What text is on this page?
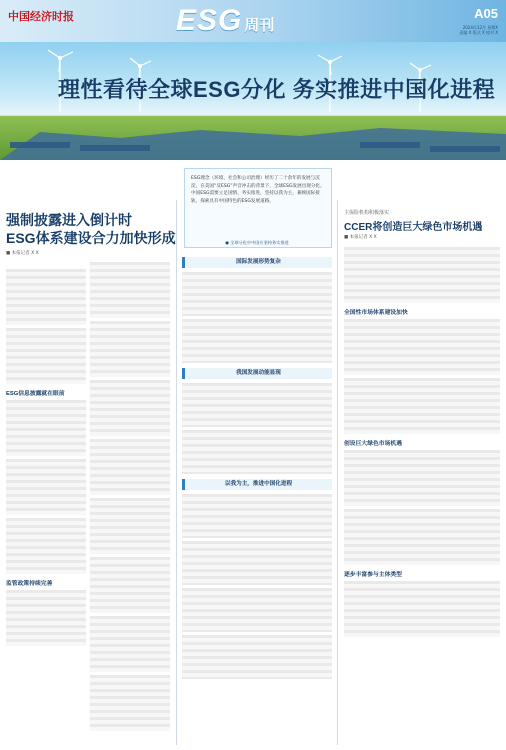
中国经济时报	ESG 周刊
A05
2024年12月 星期X
责编 X 版式 X 校对 X
理性看待全球ESG分化 务实推进中国化进程
ESG理念（环境、社会和公司治理）经历了二十余年的发展与沉淀，在美国“反ESG”声音冲击的背景下，全球ESG发展出现分化。中国ESG需要立足国情、务实推进，坚持以我为主，兼顾国际接轨，探索具有中国特色的ESG发展道路。
● 全球分化中中国应坚持务实推进
强制披露进入倒计时
ESG体系建设合力加快形成
■ 本报记者 X X

ESG信息披露就在眼前
监管政策持续完善
国际发展形势复杂
我国发展动能显现
以我为主，推进中国化进程
主保险机构积极落实
CCER将创造巨大绿色市场机遇
■ 本报记者 X X
全国性市场体系建设加快
创设巨大绿色市场机遇
逐步丰富参与主体类型
